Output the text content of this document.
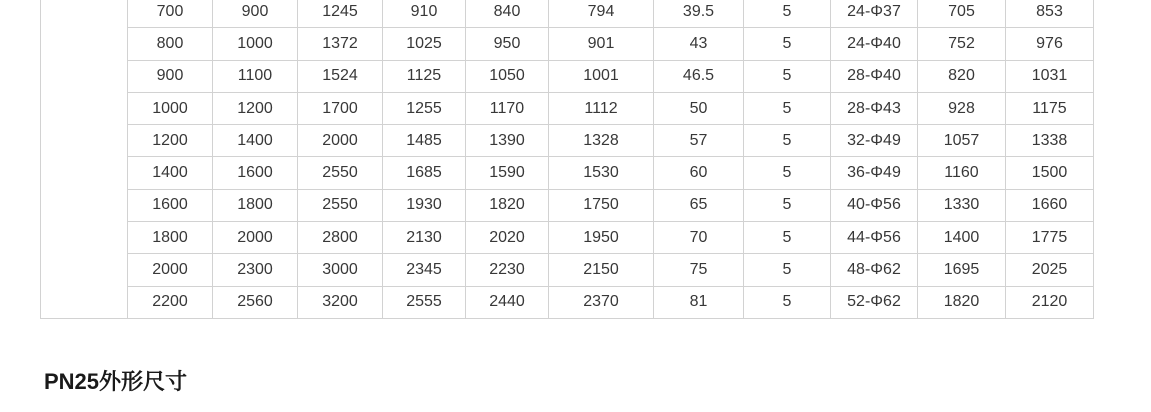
	700	900	1245	910	840	794	39.5	5	24-Φ37	705	853
	800	1000	1372	1025	950	901	43	5	24-Φ40	752	976
	900	1100	1524	1125	1050	1001	46.5	5	28-Φ40	820	1031
	1000	1200	1700	1255	1170	1112	50	5	28-Φ43	928	1175
	1200	1400	2000	1485	1390	1328	57	5	32-Φ49	1057	1338
	1400	1600	2550	1685	1590	1530	60	5	36-Φ49	1160	1500
	1600	1800	2550	1930	1820	1750	65	5	40-Φ56	1330	1660
	1800	2000	2800	2130	2020	1950	70	5	44-Φ56	1400	1775
	2000	2300	3000	2345	2230	2150	75	5	48-Φ62	1695	2025
	2200	2560	3200	2555	2440	2370	81	5	52-Φ62	1820	2120
PN25外形尺寸
